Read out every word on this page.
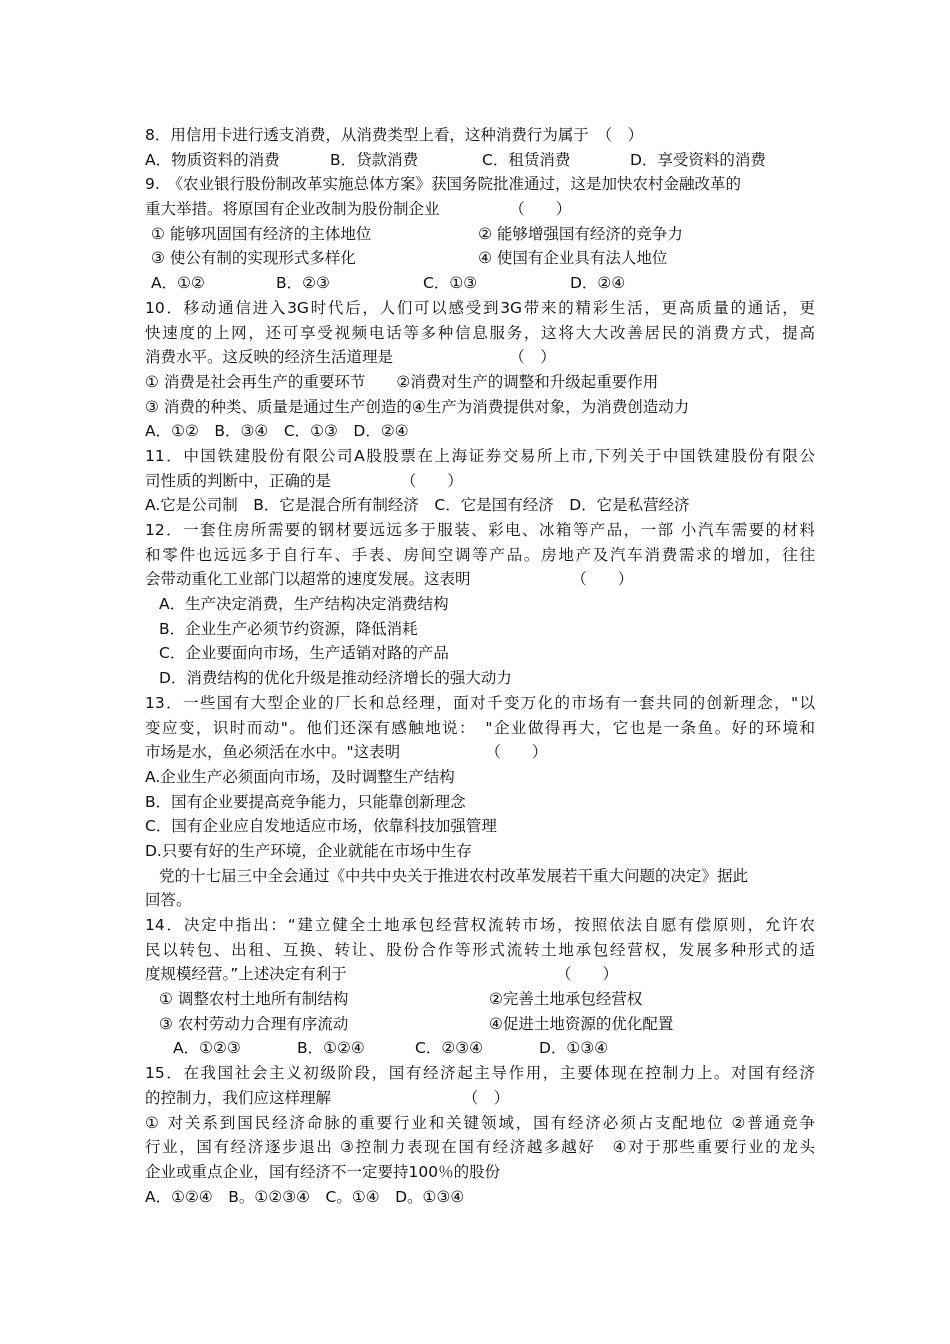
8．用信用卡进行透支消费，从消费类型上看，这种消费行为属于　（　）
A．物质资料的消费	B．贷款消费	C．租赁消费	D．享受资料的消费
9.　《农业银行股份制改革实施总体方案》获国务院批准通过，这是加快农村金融改革的
重大举措。将原国有企业改制为股份制企业　　　　　（　　）
① 能够巩固国有经济的主体地位	② 能够增强国有经济的竞争力
③ 使公有制的实现形式多样化	④ 使国有企业具有法人地位
A．①②	B．②③	C．①③	D．②④
10．移动通信进入3G时代后，人们可以感受到3G带来的精彩生活，更高质量的通话，更
快速度的上网，还可享受视频电话等多种信息服务，这将大大改善居民的消费方式，提高
消费水平。这反映的经济生活道理是　　　　　　　　（　）
① 消费是社会再生产的重要环节　　②消费对生产的调整和升级起重要作用
③ 消费的种类、质量是通过生产创造的④生产为消费提供对象，为消费创造动力
A．①②　B．③④　C．①③　D．②④
11．中国铁建股份有限公司A股股票在上海证券交易所上市,下列关于中国铁建股份有限公
司性质的判断中，正确的是　　　　　（　　）
A.它是公司制　B．它是混合所有制经济　C．它是国有经济　D．它是私营经济
12．一套住房所需要的钢材要远远多于服装、彩电、冰箱等产品，一部 小汽车需要的材料
和零件也远远多于自行车、手表、房间空调等产品。房地产及汽车消费需求的增加，往往
会带动重化工业部门以超常的速度发展。这表明　　　　　　　（　　）
A．生产决定消费，生产结构决定消费结构
B．企业生产必须节约资源，降低消耗
C．企业要面向市场，生产适销对路的产品
D．消费结构的优化升级是推动经济增长的强大动力
13．一些国有大型企业的厂长和总经理，面对千变万化的市场有一套共同的创新理念，"以
变应变，识时而动"。他们还深有感触地说：　"企业做得再大，它也是一条鱼。好的环境和
市场是水，鱼必须活在水中。"这表明　　　　　　（　　）
A.企业生产必须面向市场，及时调整生产结构
B．国有企业要提高竞争能力，只能靠创新理念
C．国有企业应自发地适应市场，依靠科技加强管理
D.只要有好的生产环境，企业就能在市场中生存
党的十七届三中全会通过《中共中央关于推进农村改革发展若干重大问题的决定》据此
回答。
14．决定中指出：“建立健全土地承包经营权流转市场，按照依法自愿有偿原则，允许农
民以转包、出租、互换、转让、股份合作等形式流转土地承包经营权，发展多种形式的适
度规模经营。”上述决定有利于　　　　　　　　　　　　　　（　　）
① 调整农村土地所有制结构	②完善土地承包经营权
③ 农村劳动力合理有序流动	④促进土地资源的优化配置
A．①②③	B．①②④	C．②③④	D．①③④
15．在我国社会主义初级阶段，国有经济起主导作用，主要体现在控制力上。对国有经济
的控制力，我们应这样理解　　　　　　　　　（　）
① 对关系到国民经济命脉的重要行业和关键领域，国有经济必须占支配地位 ②普通竞争
行业，国有经济逐步退出 ③控制力表现在国有经济越多越好　④对于那些重要行业的龙头
企业或重点企业，国有经济不一定要持100％的股份
A．①②④　B。①②③④　C。①④　D。①③④
